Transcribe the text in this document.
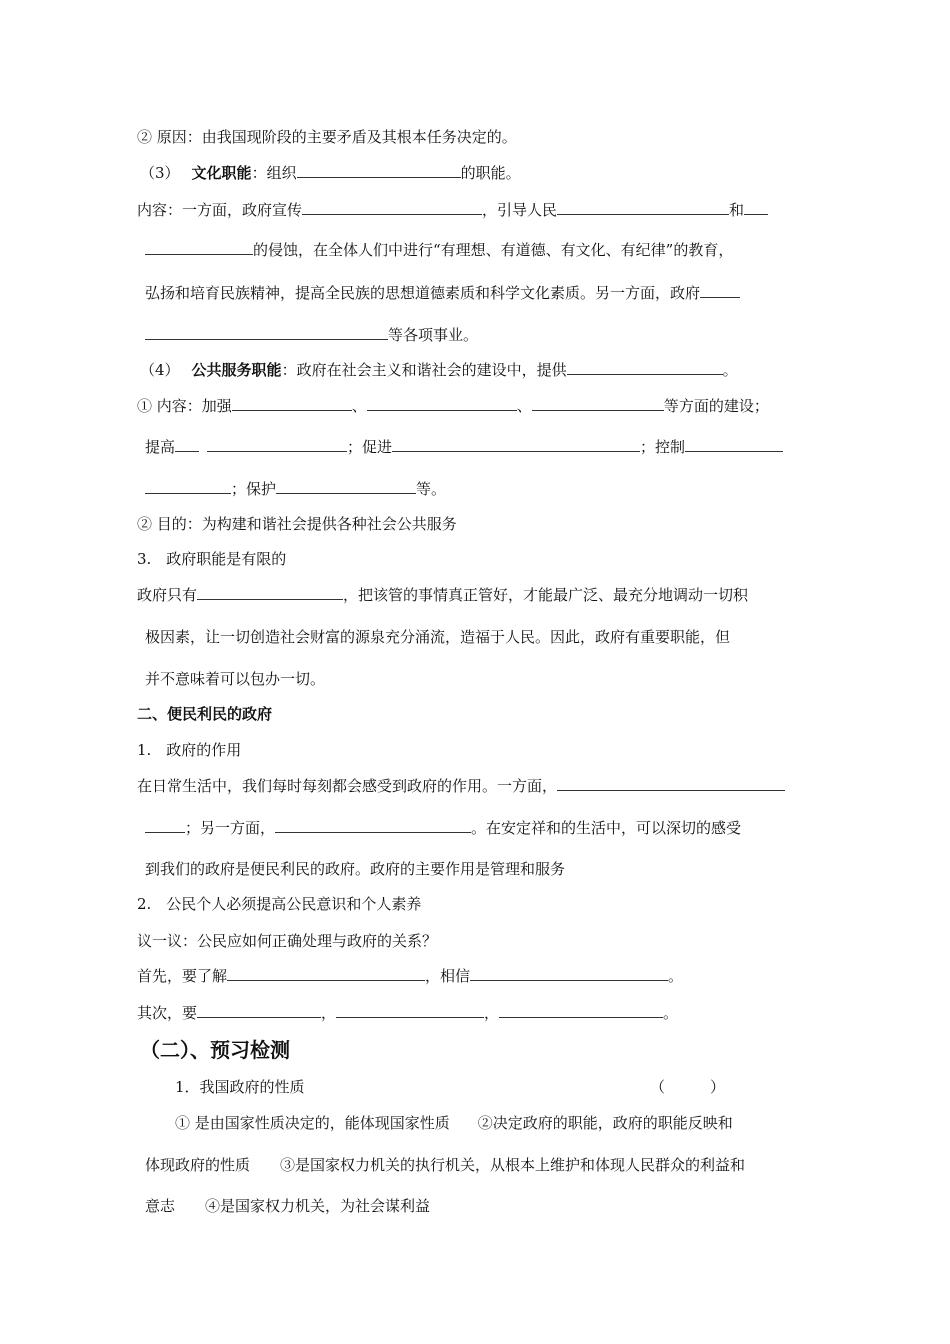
② 原因：由我国现阶段的主要矛盾及其根本任务决定的。
（3） 文化职能：组织	的职能。
内容：一方面，政府宣传	，引导人民	和
的侵蚀，在全体人们中进行“有理想、有道德、有文化、有纪律”的教育，
弘扬和培育民族精神，提高全民族的思想道德素质和科学文化素质。另一方面，政府
等各项事业。
（4） 公共服务职能：政府在社会主义和谐社会的建设中，提供	。
① 内容：加强	、	、	等方面的建设；
提高	；促进	；控制
；保护	等。
② 目的：为构建和谐社会提供各种社会公共服务
3.　政府职能是有限的
政府只有	，把该管的事情真正管好，才能最广泛、最充分地调动一切积
极因素，让一切创造社会财富的源泉充分涌流，造福于人民。因此，政府有重要职能，但
并不意味着可以包办一切。
二、便民利民的政府
1.　政府的作用
在日常生活中，我们每时每刻都会感受到政府的作用。一方面，
；另一方面，	。在安定祥和的生活中，可以深切的感受
到我们的政府是便民利民的政府。政府的主要作用是管理和服务
2.　公民个人必须提高公民意识和个人素养
议一议：公民应如何正确处理与政府的关系？
首先，要了解	，相信	。
其次，要	，	，	。
（二）、预习检测
1．我国政府的性质	（　　　）
① 是由国家性质决定的，能体现国家性质 ②决定政府的职能，政府的职能反映和
体现政府的性质　　③是国家权力机关的执行机关，从根本上维护和体现人民群众的利益和
意志　　④是国家权力机关，为社会谋利益
